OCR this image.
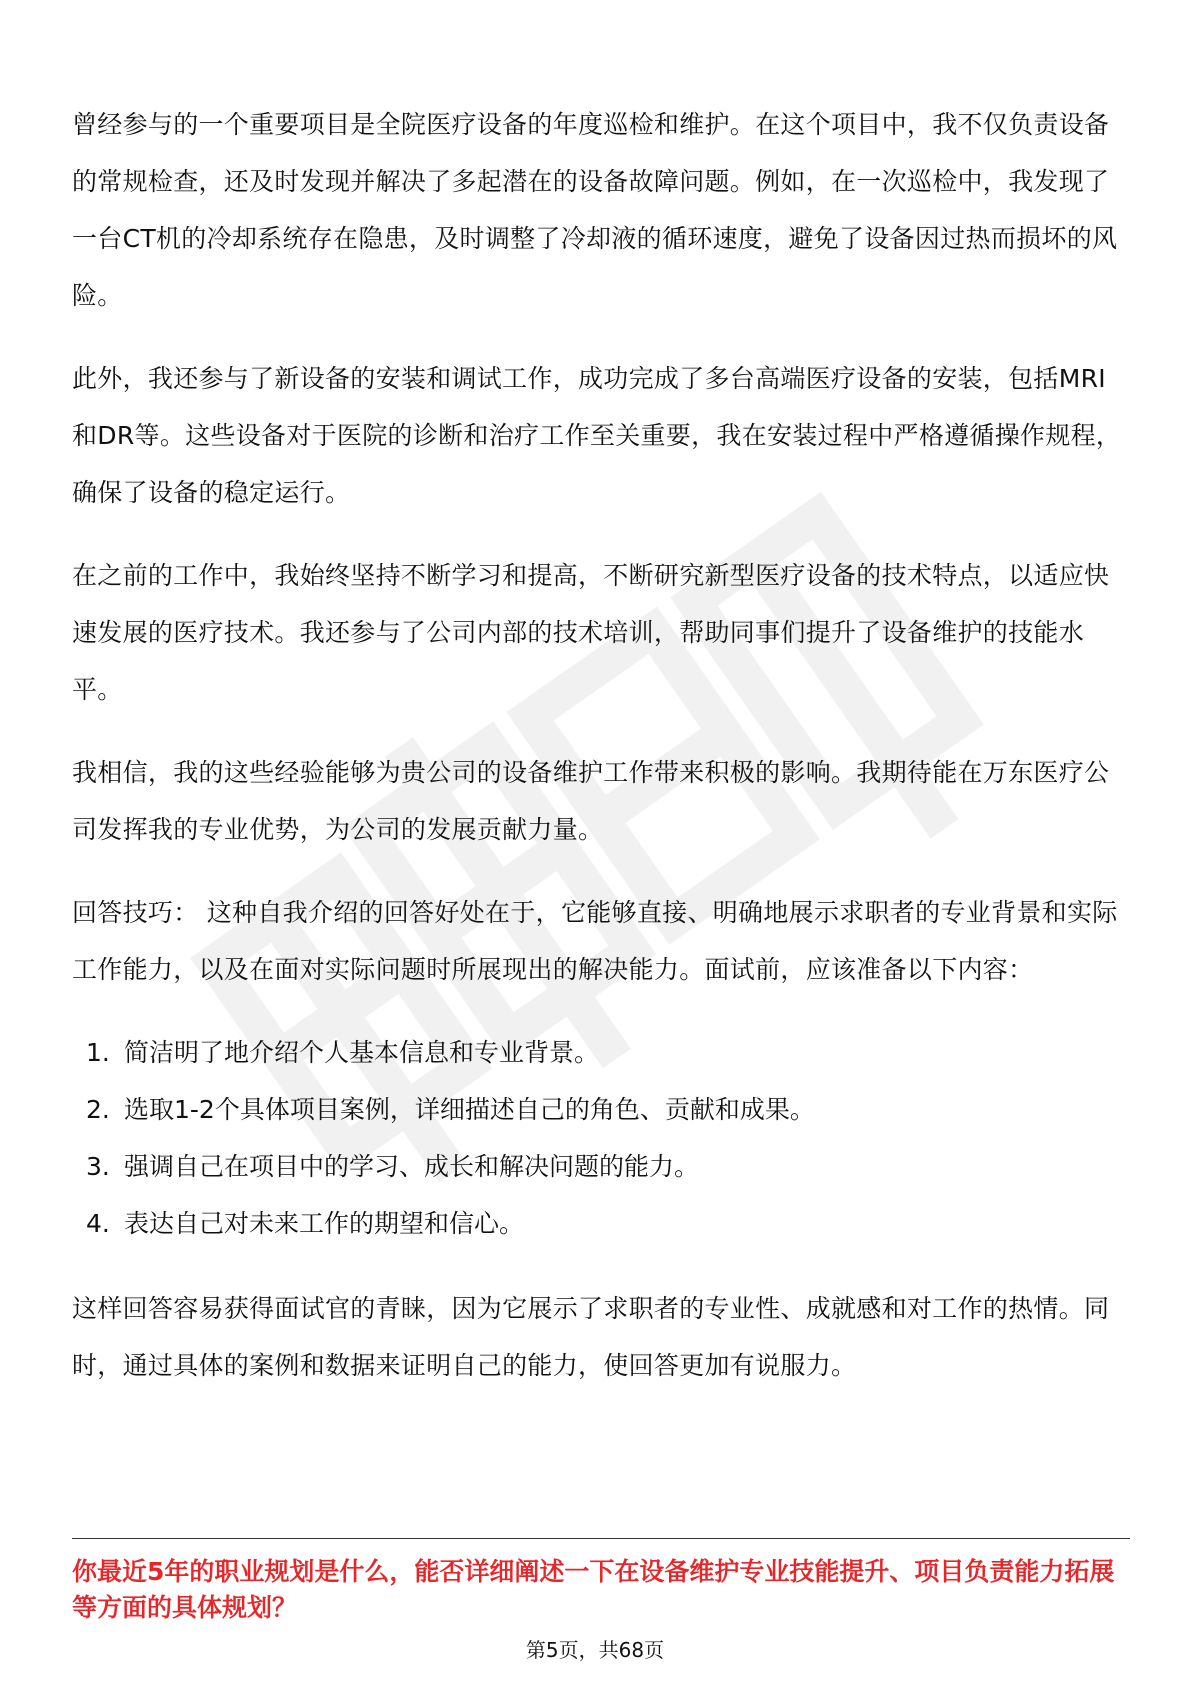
曾经参与的一个重要项目是全院医疗设备的年度巡检和维护。在这个项目中，我不仅负责设备的常规检查，还及时发现并解决了多起潜在的设备故障问题。例如，在一次巡检中，我发现了一台CT机的冷却系统存在隐患，及时调整了冷却液的循环速度，避免了设备因过热而损坏的风险。

此外，我还参与了新设备的安装和调试工作，成功完成了多台高端医疗设备的安装，包括MRI和DR等。这些设备对于医院的诊断和治疗工作至关重要，我在安装过程中严格遵循操作规程，确保了设备的稳定运行。

在之前的工作中，我始终坚持不断学习和提高，不断研究新型医疗设备的技术特点，以适应快速发展的医疗技术。我还参与了公司内部的技术培训，帮助同事们提升了设备维护的技能水平。

我相信，我的这些经验能够为贵公司的设备维护工作带来积极的影响。我期待能在万东医疗公司发挥我的专业优势，为公司的发展贡献力量。

回答技巧： 这种自我介绍的回答好处在于，它能够直接、明确地展示求职者的专业背景和实际工作能力，以及在面对实际问题时所展现出的解决能力。面试前，应该准备以下内容：

1. 简洁明了地介绍个人基本信息和专业背景。
2. 选取1-2个具体项目案例，详细描述自己的角色、贡献和成果。
3. 强调自己在项目中的学习、成长和解决问题的能力。
4. 表达自己对未来工作的期望和信心。

这样回答容易获得面试官的青睐，因为它展示了求职者的专业性、成就感和对工作的热情。同时，通过具体的案例和数据来证明自己的能力，使回答更加有说服力。

你最近5年的职业规划是什么，能否详细阐述一下在设备维护专业技能提升、项目负责能力拓展等方面的具体规划？

第5页，共68页
